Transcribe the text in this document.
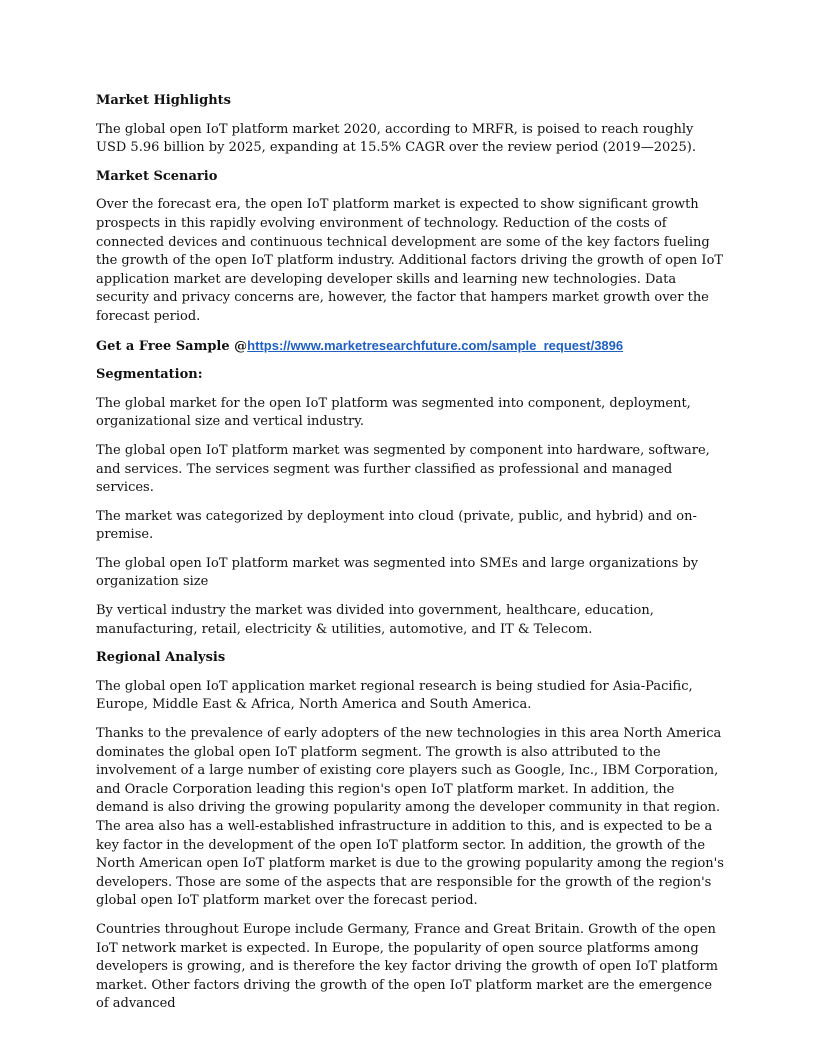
Market Highlights

The global open IoT platform market 2020, according to MRFR, is poised to reach roughly USD 5.96 billion by 2025, expanding at 15.5% CAGR over the review period (2019—2025).

Market Scenario

Over the forecast era, the open IoT platform market is expected to show significant growth prospects in this rapidly evolving environment of technology. Reduction of the costs of connected devices and continuous technical development are some of the key factors fueling the growth of the open IoT platform industry. Additional factors driving the growth of open IoT application market are developing developer skills and learning new technologies. Data security and privacy concerns are, however, the factor that hampers market growth over the forecast period.

Get a Free Sample @https://www.marketresearchfuture.com/sample_request/3896
Segmentation:

The global market for the open IoT platform was segmented into component, deployment, organizational size and vertical industry.

The global open IoT platform market was segmented by component into hardware, software, and services. The services segment was further classified as professional and managed services.

The market was categorized by deployment into cloud (private, public, and hybrid) and on-premise.

The global open IoT platform market was segmented into SMEs and large organizations by organization size

By vertical industry the market was divided into government, healthcare, education, manufacturing, retail, electricity & utilities, automotive, and IT & Telecom.

Regional Analysis

The global open IoT application market regional research is being studied for Asia-Pacific, Europe, Middle East & Africa, North America and South America.

Thanks to the prevalence of early adopters of the new technologies in this area North America dominates the global open IoT platform segment. The growth is also attributed to the involvement of a large number of existing core players such as Google, Inc., IBM Corporation, and Oracle Corporation leading this region's open IoT platform market. In addition, the demand is also driving the growing popularity among the developer community in that region. The area also has a well-established infrastructure in addition to this, and is expected to be a key factor in the development of the open IoT platform sector. In addition, the growth of the North American open IoT platform market is due to the growing popularity among the region's developers. Those are some of the aspects that are responsible for the growth of the region's global open IoT platform market over the forecast period.

Countries throughout Europe include Germany, France and Great Britain. Growth of the open IoT network market is expected. In Europe, the popularity of open source platforms among developers is growing, and is therefore the key factor driving the growth of open IoT platform market. Other factors driving the growth of the open IoT platform market are the emergence of advanced
